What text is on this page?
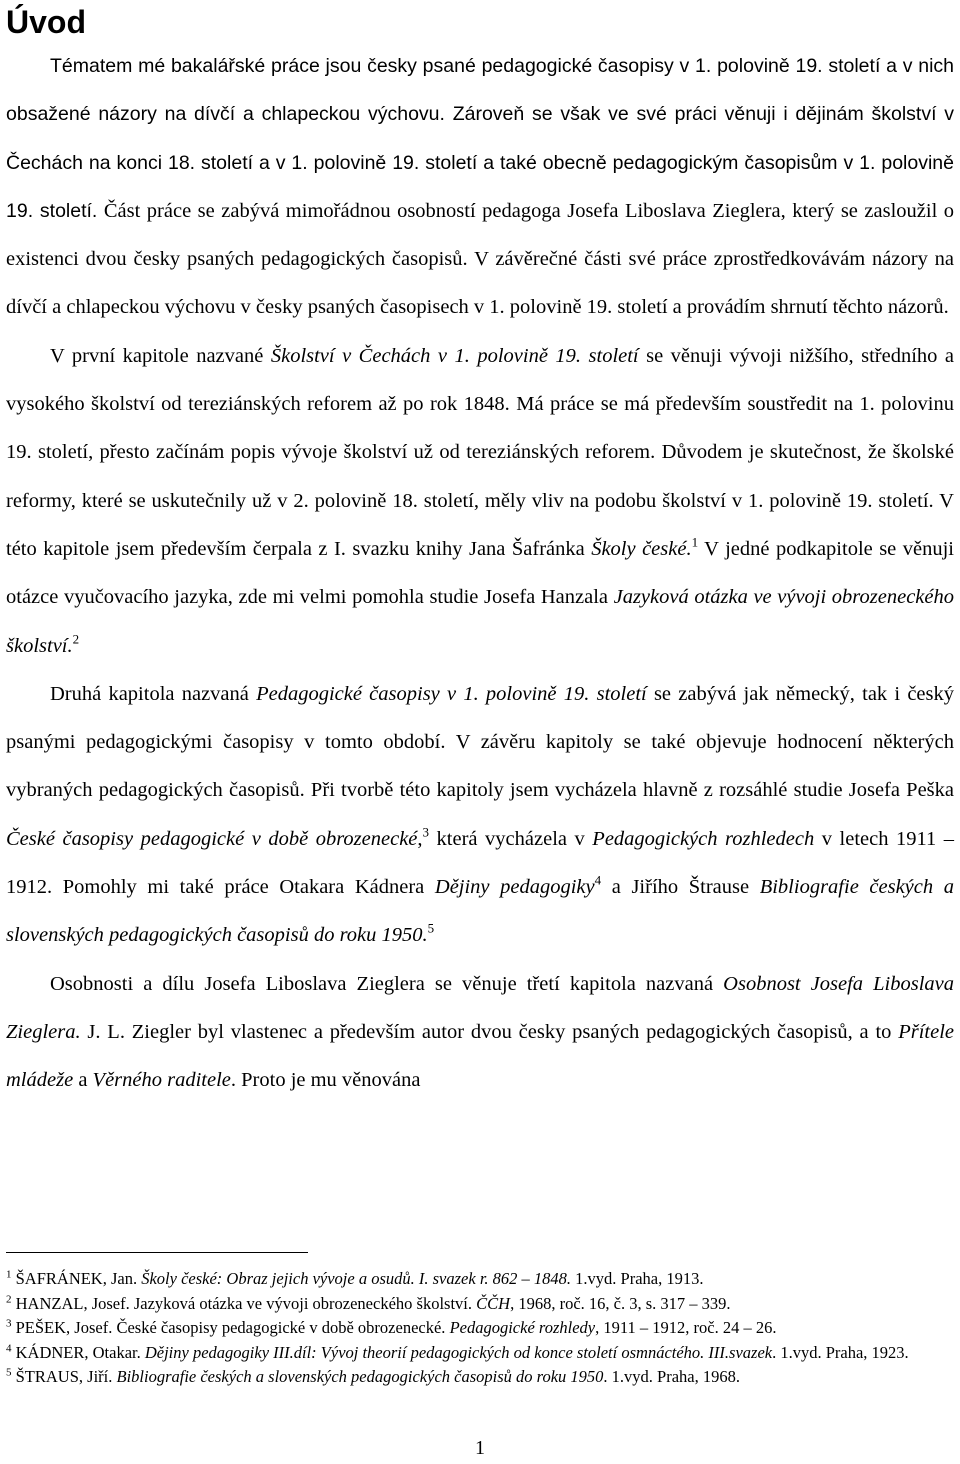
Úvod

Tématem mé bakalářské práce jsou česky psané pedagogické časopisy v 1. polovině 19. století a v nich obsažené názory na dívčí a chlapeckou výchovu. Zároveň se však ve své práci věnuji i dějinám školství v Čechách na konci 18. století a v 1. polovině 19. století a také obecně pedagogickým časopisům v 1. polovině 19. století. Část práce se zabývá mimořádnou osobností pedagoga Josefa Liboslava Zieglera, který se zasloužil o existenci dvou česky psaných pedagogických časopisů. V závěrečné části své práce zprostředkovávám názory na dívčí a chlapeckou výchovu v česky psaných časopisech v 1. polovině 19. století a provádím shrnutí těchto názorů.

V první kapitole nazvané Školství v Čechách v 1. polovině 19. století se věnuji vývoji nižšího, středního a vysokého školství od tereziánských reforem až po rok 1848. Má práce se má především soustředit na 1. polovinu 19. století, přesto začínám popis vývoje školství už od tereziánských reforem. Důvodem je skutečnost, že školské reformy, které se uskutečnily už v 2. polovině 18. století, měly vliv na podobu školství v 1. polovině 19. století. V této kapitole jsem především čerpala z I. svazku knihy Jana Šafránka Školy české.$^1$ V jedné podkapitole se věnuji otázce vyučovacího jazyka, zde mi velmi pomohla studie Josefa Hanzala Jazyková otázka ve vývoji obrozeneckého školství.$^2$

Druhá kapitola nazvaná Pedagogické časopisy v 1. polovině 19. století se zabývá jak německý, tak i český psanými pedagogickými časopisy v tomto období. V závěru kapitoly se také objevuje hodnocení některých vybraných pedagogických časopisů. Při tvorbě této kapitoly jsem vycházela hlavně z rozsáhlé studie Josefa Peška České časopisy pedagogické v době obrozenecké,$^3$ která vycházela v Pedagogických rozhledech v letech 1911 – 1912. Pomohly mi také práce Otakara Kádnera Dějiny pedagogiky$^4$ a Jiřího Štrause Bibliografie českých a slovenských pedagogických časopisů do roku 1950.$^5$

Osobnosti a dílu Josefa Liboslava Zieglera se věnuje třetí kapitola nazvaná Osobnost Josefa Liboslava Zieglera. J. L. Ziegler byl vlastenec a především autor dvou česky psaných pedagogických časopisů, a to Přítele mládeže a Věrného raditele. Proto je mu věnována

$^1$ ŠAFRÁNEK, Jan. Školy české: Obraz jejich vývoje a osudů. I. svazek r. 862 – 1848. 1.vyd. Praha, 1913.

$^2$ HANZAL, Josef. Jazyková otázka ve vývoji obrozeneckého školství. ČČH, 1968, roč. 16, č. 3, s. 317 – 339.

$^3$ PEŠEK, Josef. České časopisy pedagogické v době obrozenecké. Pedagogické rozhledy, 1911 – 1912, roč. 24 – 26.

$^4$ KÁDNER, Otakar. Dějiny pedagogiky III.díl: Vývoj theorií pedagogických od konce století osmnáctého. III.svazek. 1.vyd. Praha, 1923.

$^5$ ŠTRAUS, Jiří. Bibliografie českých a slovenských pedagogických časopisů do roku 1950. 1.vyd. Praha, 1968.

1
